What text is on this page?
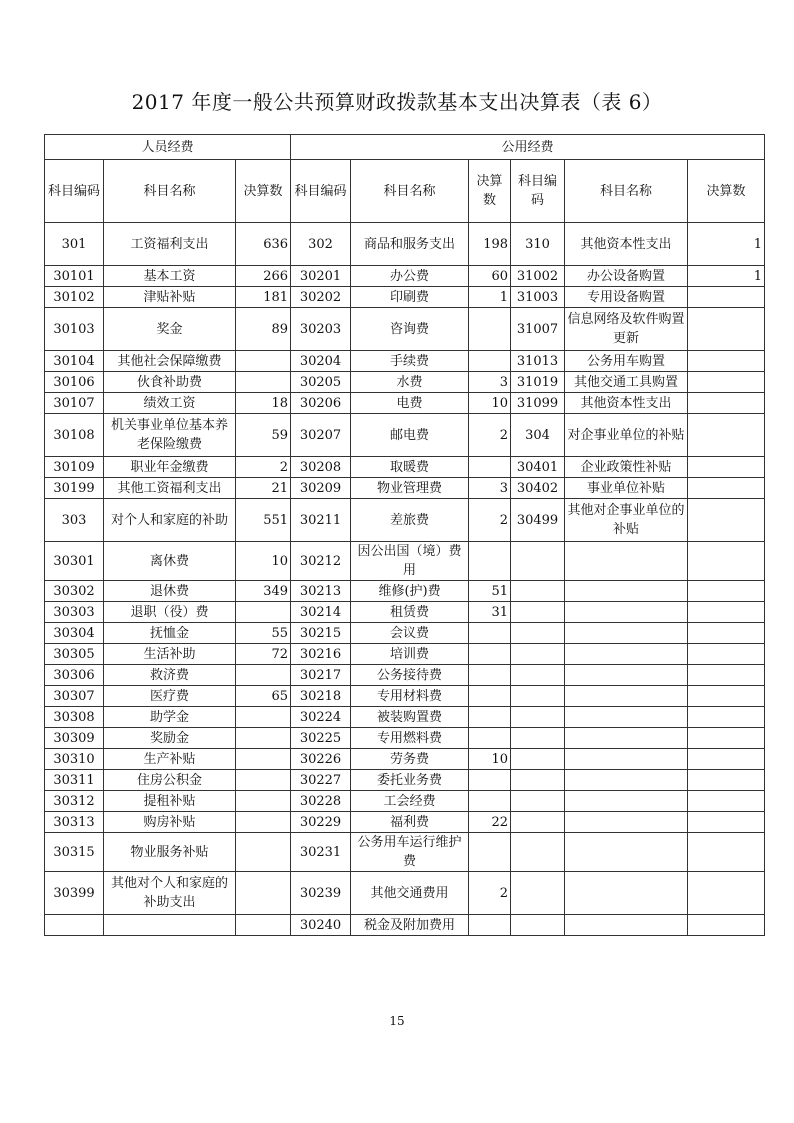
2017 年度一般公共预算财政拨款基本支出决算表（表 6）
人员经费			公用经费					
科目编码	科目名称	决算数	科目编码	科目名称	决算数	科目编码	科目名称	决算数
301	工资福利支出	636	302	商品和服务支出	198	310	其他资本性支出	1
30101	基本工资	266	30201	办公费	60	31002	办公设备购置	1
30102	津贴补贴	181	30202	印刷费	1	31003	专用设备购置	
30103	奖金	89	30203	咨询费		31007	信息网络及软件购置更新	
30104	其他社会保障缴费		30204	手续费		31013	公务用车购置	
30106	伙食补助费		30205	水费	3	31019	其他交通工具购置	
30107	绩效工资	18	30206	电费	10	31099	其他资本性支出	
30108	机关事业单位基本养老保险缴费	59	30207	邮电费	2	304	对企事业单位的补贴	
30109	职业年金缴费	2	30208	取暖费		30401	企业政策性补贴	
30199	其他工资福利支出	21	30209	物业管理费	3	30402	事业单位补贴	
303	对个人和家庭的补助	551	30211	差旅费	2	30499	其他对企事业单位的补贴	
30301	离休费	10	30212	因公出国（境）费用				
30302	退休费	349	30213	维修(护)费	51			
30303	退职（役）费		30214	租赁费	31			
30304	抚恤金	55	30215	会议费				
30305	生活补助	72	30216	培训费				
30306	救济费		30217	公务接待费				
30307	医疗费	65	30218	专用材料费				
30308	助学金		30224	被装购置费				
30309	奖励金		30225	专用燃料费				
30310	生产补贴		30226	劳务费	10			
30311	住房公积金		30227	委托业务费				
30312	提租补贴		30228	工会经费				
30313	购房补贴		30229	福利费	22			
30315	物业服务补贴		30231	公务用车运行维护费				
30399	其他对个人和家庭的补助支出		30239	其他交通费用	2			
			30240	税金及附加费用				
15
